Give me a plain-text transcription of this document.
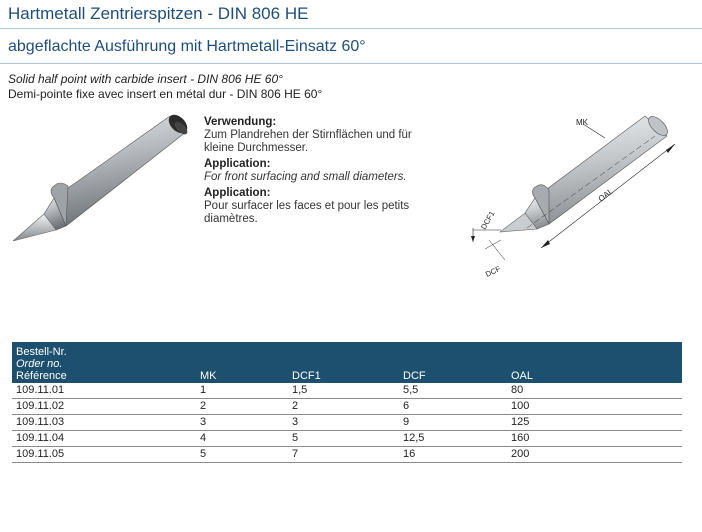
Hartmetall Zentrierspitzen - DIN 806 HE
abgeflachte Ausführung mit Hartmetall-Einsatz 60°
Solid half point with carbide insert - DIN 806 HE 60°
Demi-pointe fixe avec insert en métal dur - DIN 806 HE 60°
Verwendung:
Zum Plandrehen der Stirnflächen und für kleine Durchmesser.
Application:
For front surfacing and small diameters.
Application:
Pour surfacer les faces et pour les petits diamètres.
MK
OAL
DCF1
DCF
Bestell-Nr.
Order no.
Référence	MK	DCF1	DCF	OAL
109.11.01	1	1,5	5,5	80
109.11.02	2	2	6	100
109.11.03	3	3	9	125
109.11.04	4	5	12,5	160
109.11.05	5	7	16	200
